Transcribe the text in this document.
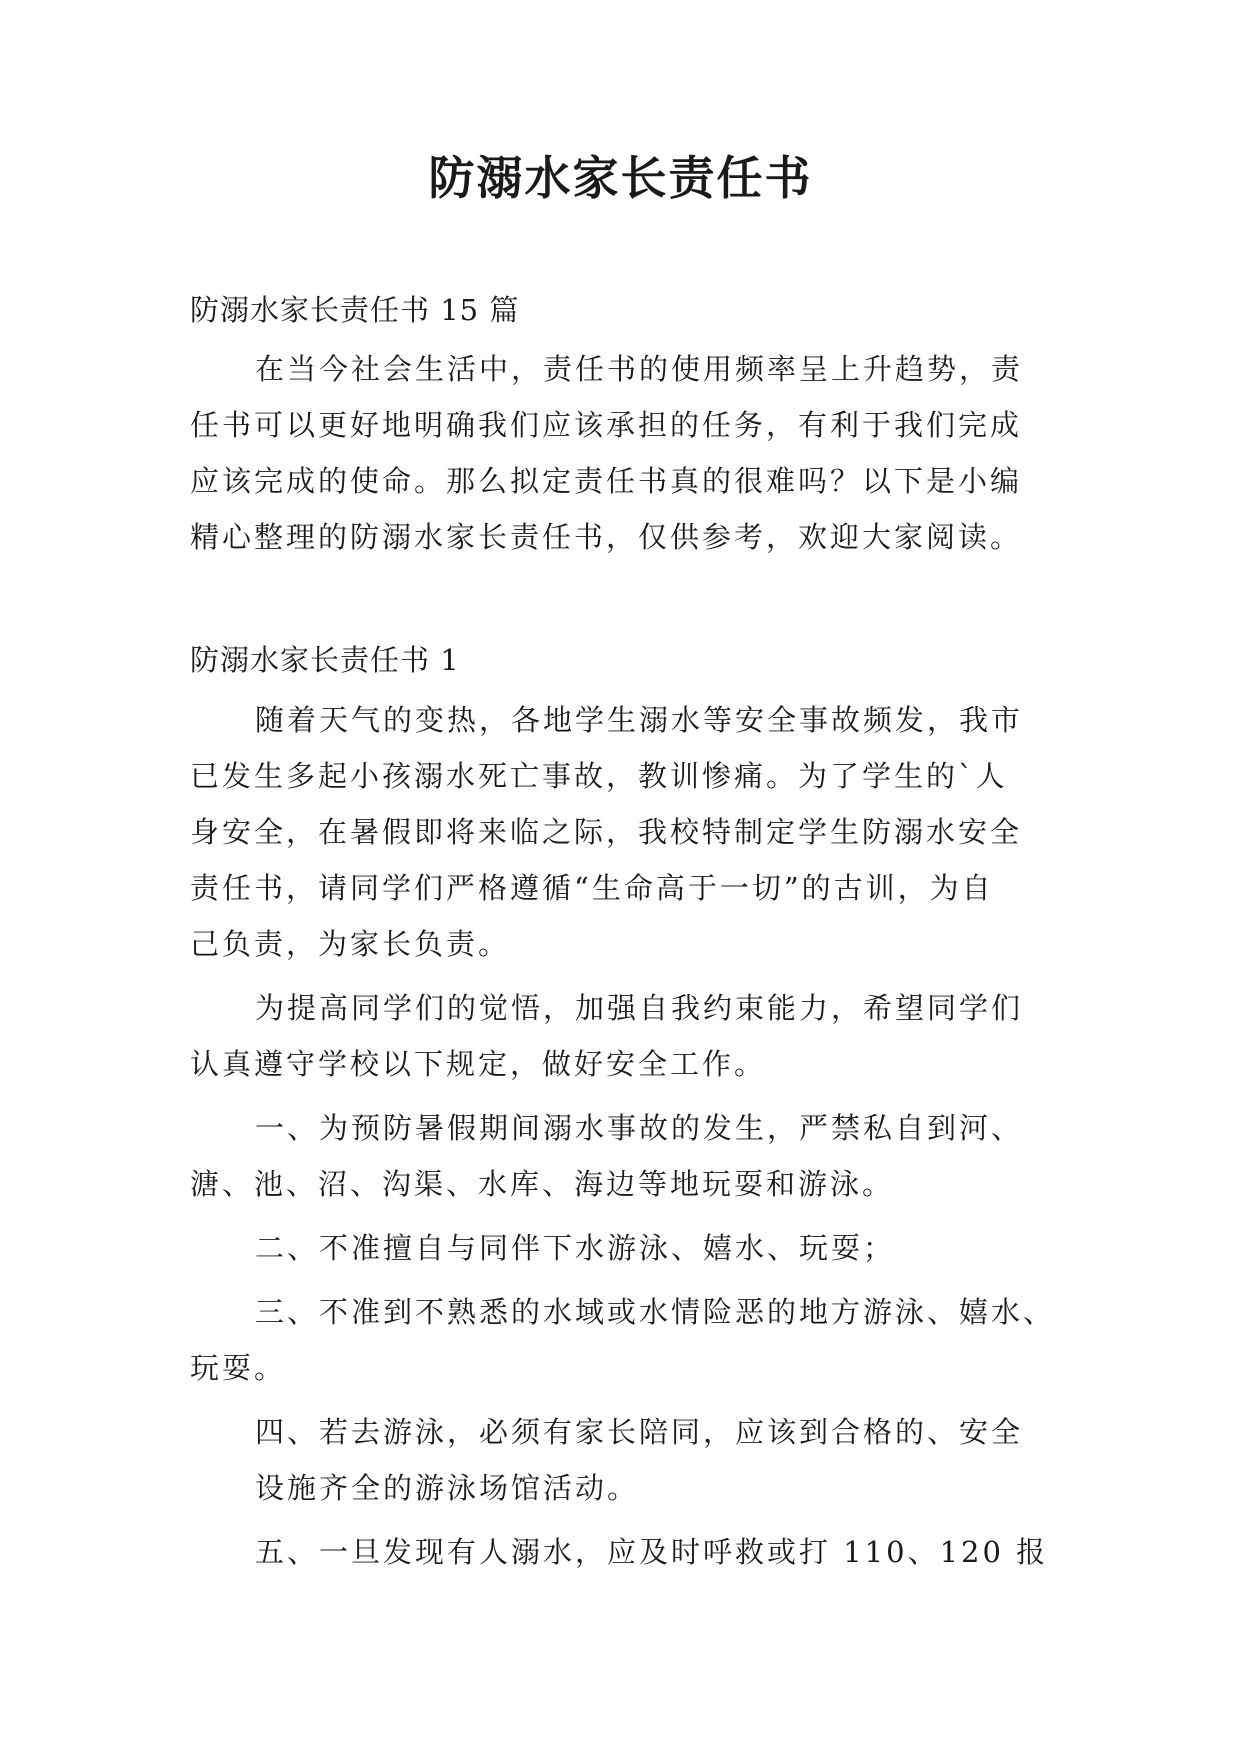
防溺水家长责任书
防溺水家长责任书 15 篇
在当今社会生活中，责任书的使用频率呈上升趋势，责
任书可以更好地明确我们应该承担的任务，有利于我们完成
应该完成的使命。那么拟定责任书真的很难吗？以下是小编
精心整理的防溺水家长责任书，仅供参考，欢迎大家阅读。
防溺水家长责任书 1
随着天气的变热，各地学生溺水等安全事故频发，我市
已发生多起小孩溺水死亡事故，教训惨痛。为了学生的`人
身安全，在暑假即将来临之际，我校特制定学生防溺水安全
责任书，请同学们严格遵循“生命高于一切”的古训，为自
己负责，为家长负责。
为提高同学们的觉悟，加强自我约束能力，希望同学们
认真遵守学校以下规定，做好安全工作。
一、为预防暑假期间溺水事故的发生，严禁私自到河、
溏、池、沼、沟渠、水库、海边等地玩耍和游泳。
二、不准擅自与同伴下水游泳、嬉水、玩耍；
三、不准到不熟悉的水域或水情险恶的地方游泳、嬉水、
玩耍。
四、若去游泳，必须有家长陪同，应该到合格的、安全
设施齐全的游泳场馆活动。
五、一旦发现有人溺水，应及时呼救或打 110、120 报
